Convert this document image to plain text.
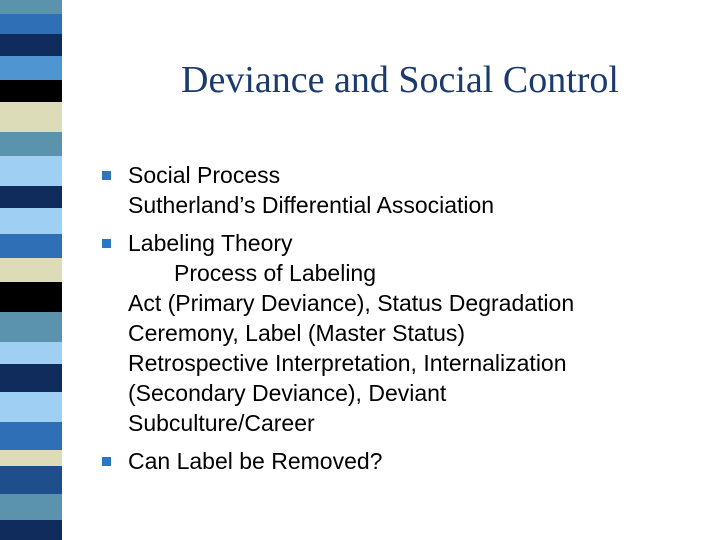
Deviance and Social Control
Social Process
Sutherland’s Differential Association
Labeling Theory
Process of Labeling
Act (Primary Deviance), Status Degradation
Ceremony, Label (Master Status)
Retrospective Interpretation, Internalization
(Secondary Deviance), Deviant
Subculture/Career
Can Label be Removed?
